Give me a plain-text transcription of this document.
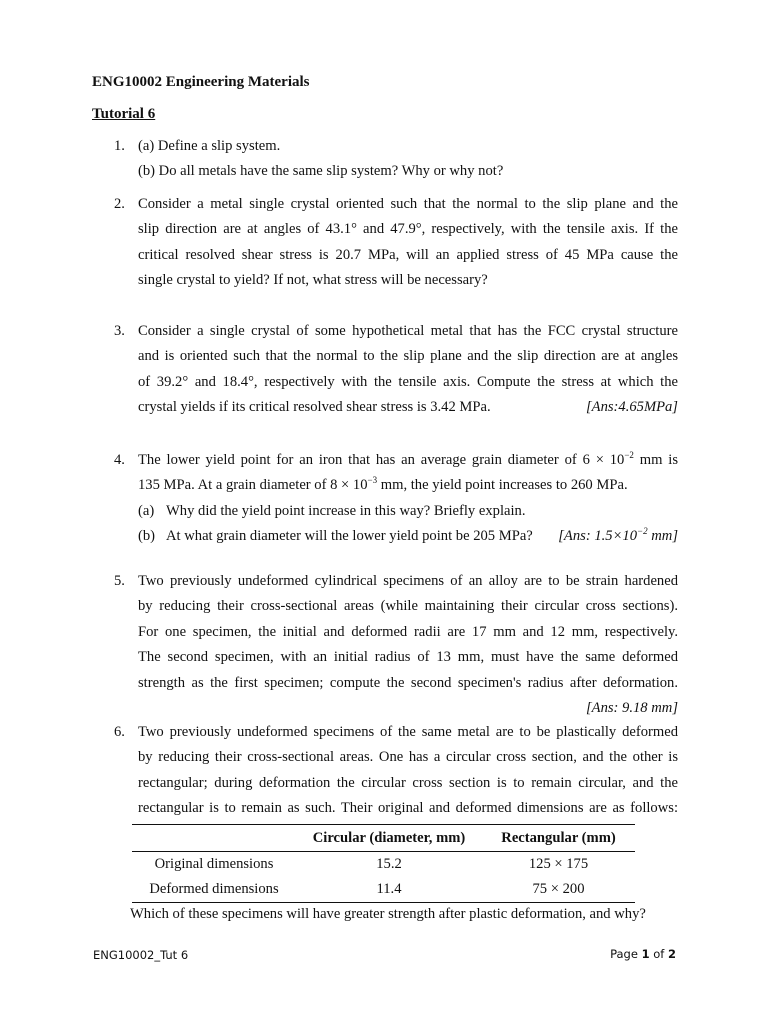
ENG10002 Engineering Materials
Tutorial 6
1. (a) Define a slip system.
(b) Do all metals have the same slip system? Why or why not?
2. Consider a metal single crystal oriented such that the normal to the slip plane and the
slip direction are at angles of 43.1° and 47.9°, respectively, with the tensile axis. If the
critical resolved shear stress is 20.7 MPa, will an applied stress of 45 MPa cause the
single crystal to yield? If not, what stress will be necessary?
3. Consider a single crystal of some hypothetical metal that has the FCC crystal structure
and is oriented such that the normal to the slip plane and the slip direction are at angles
of 39.2° and 18.4°, respectively with the tensile axis. Compute the stress at which the
crystal yields if its critical resolved shear stress is 3.42 MPa.	[Ans:4.65MPa]
4. The lower yield point for an iron that has an average grain diameter of $6 \times 10^{-2}$ mm is
135 MPa. At a grain diameter of $8 \times 10^{-3}$ mm, the yield point increases to 260 MPa.
(a) Why did the yield point increase in this way? Briefly explain.
(b) At what grain diameter will the lower yield point be 205 MPa? [Ans: $1.5\times 10^{-2}$ mm]
5. Two previously undeformed cylindrical specimens of an alloy are to be strain hardened
by reducing their cross-sectional areas (while maintaining their circular cross sections).
For one specimen, the initial and deformed radii are 17 mm and 12 mm, respectively.
The second specimen, with an initial radius of 13 mm, must have the same deformed
strength as the first specimen; compute the second specimen's radius after deformation.
[Ans: 9.18 mm]
6. Two previously undeformed specimens of the same metal are to be plastically deformed
by reducing their cross-sectional areas. One has a circular cross section, and the other is
rectangular; during deformation the circular cross section is to remain circular, and the
rectangular is to remain as such. Their original and deformed dimensions are as follows:
	Circular (diameter, mm)	Rectangular (mm)
Original dimensions	15.2	125 × 175
Deformed dimensions	11.4	75 × 200
Which of these specimens will have greater strength after plastic deformation, and why?
ENG10002_Tut 6	Page 1 of 2
